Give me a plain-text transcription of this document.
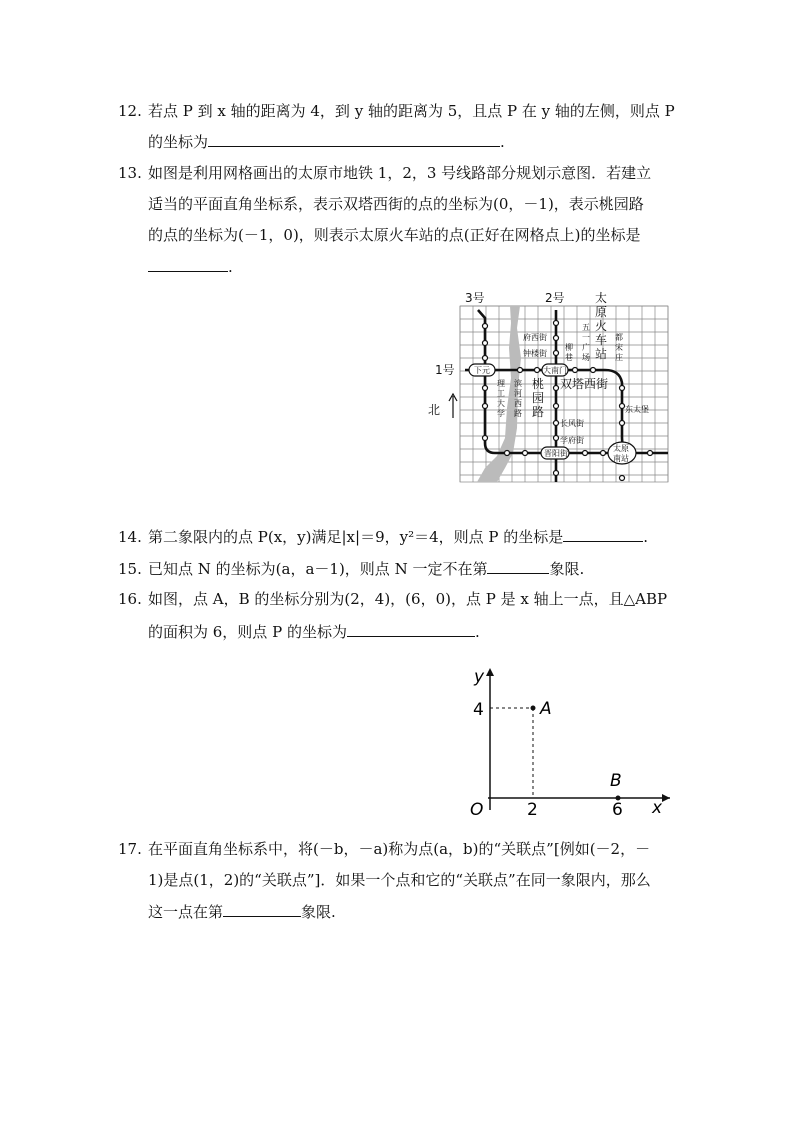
12. 若点 P 到 x 轴的距离为 4，到 y 轴的距离为 5，且点 P 在 y 轴的左侧，则点 P
的坐标为	.
13. 如图是利用网格画出的太原市地铁 1，2，3 号线路部分规划示意图．若建立
适当的平面直角坐标系，表示双塔西街的点的坐标为(0，－1)，表示桃园路
的点的坐标为(－1，0)，则表示太原火车站的点(正好在网格点上)的坐标是
.
3号	2号
1号
北
太
原
火
车
站
五
一
广
场
柳
巷
都
宋
庄
府西街
钟楼街
下元	大南门
理
工
大
学
滨
河
西
路
桃
园
路
双塔西街
东太堡
长风街
学府街
晋阳街
太原
南站
14. 第二象限内的点 P(x，y)满足|x|＝9，y²＝4，则点 P 的坐标是	.
15. 已知点 N 的坐标为(a，a－1)，则点 N 一定不在第	象限.
16. 如图，点 A，B 的坐标分别为(2，4)，(6，0)，点 P 是 x 轴上一点，且△ABP
的面积为 6，则点 P 的坐标为	.
y
x
O
4
2	6
A
B
17. 在平面直角坐标系中，将(－b，－a)称为点(a，b)的“关联点”[例如(－2，－
1)是点(1，2)的“关联点”]．如果一个点和它的“关联点”在同一象限内，那么
这一点在第	象限.
